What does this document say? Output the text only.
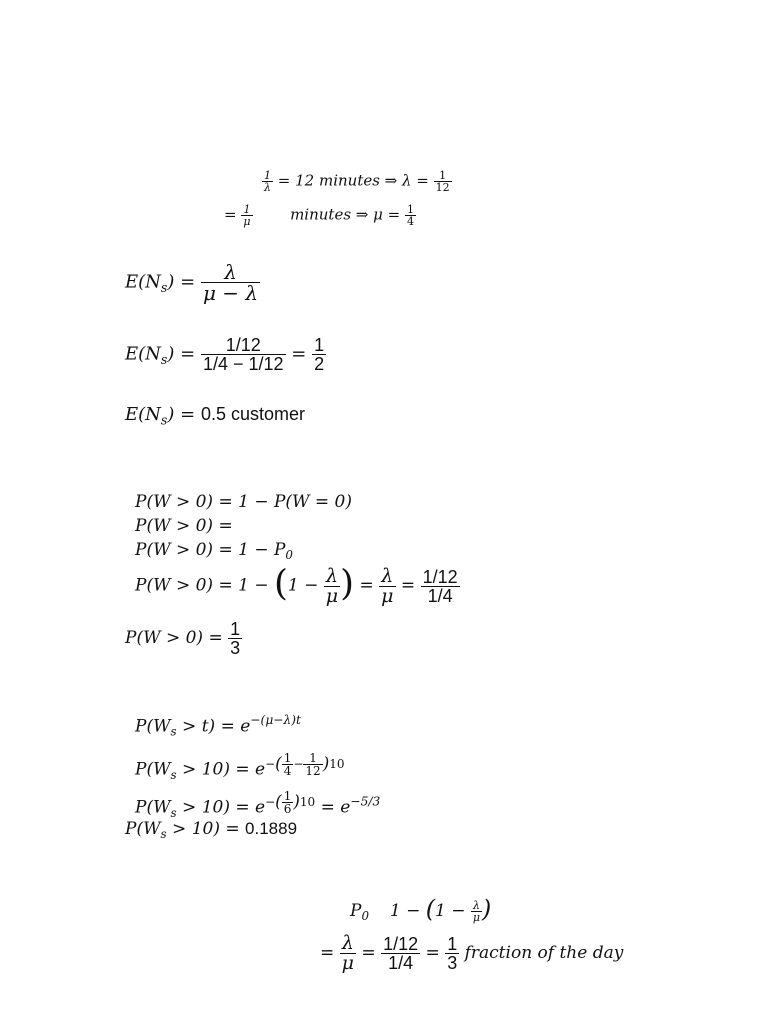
$\frac{1}{\lambda} = 12$ minutes ⇒ $\lambda = \frac{1}{12}$
= $\frac{1}{\mu}$	minutes ⇒ $\mu = \frac{1}{4}$
$E(N_s) = \frac{\lambda}{\mu - \lambda}$
$E(N_s) = \frac{1/12}{1/4 - 1/12} = \frac{1}{2}$
$E(N_s) = 0.5$ customer
P(W > 0) = 1 − P(W = 0)
P(W > 0) =
$P(W > 0) = 1 - P_0$
$P(W > 0) = 1 - (1 - \frac{\lambda}{\mu}$ ) = $\frac{\lambda}{\mu} = \frac{1/12}{1/4}$
$P(W > 0) = \frac{1}{3}$
$P(W_s > t) = e^{-(\mu-\lambda)t}$
$P(W_s > 10) = e-( \frac{1}{4} - \frac{1}{12} )10$
$P(W_s > 10) = e-( \frac{1}{6} )10 = e^{-5/3}$
$P(W_s > 10) = 0.1889$
$P_0$ $1 - (1 - \frac{\lambda}{\mu}$ )
= $\frac{\lambda}{\mu} = \frac{1/12}{1/4} = \frac{1}{3}$ fraction of the day
